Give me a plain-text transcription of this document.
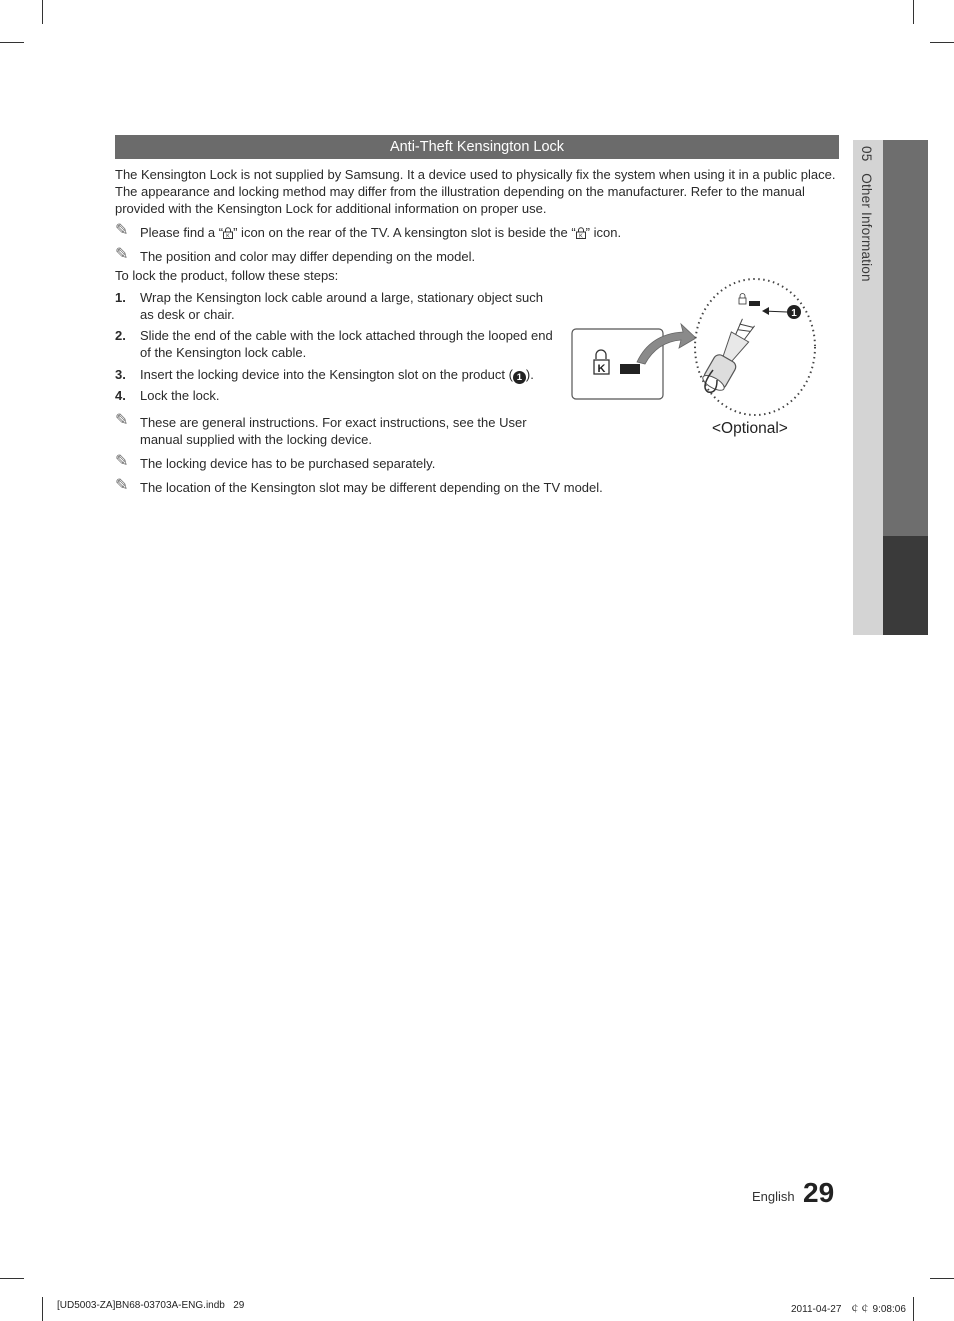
Anti-Theft Kensington Lock

The Kensington Lock is not supplied by Samsung. It a device used to physically fix the system when using it in a public place. The appearance and locking method may differ from the illustration depending on the manufacturer. Refer to the manual provided with the Kensington Lock for additional information on proper use.

✎ Please find a “ K ” icon on the rear of the TV. A kensington slot is beside the “ K ” icon.
✎ The position and color may differ depending on the model.
To lock the product, follow these steps:
1. Wrap the Kensington lock cable around a large, stationary object such as desk or chair.
2. Slide the end of the cable with the lock attached through the looped end of the Kensington lock cable.
3. Insert the locking device into the Kensington slot on the product ( 1 ).
4. Lock the lock.
✎ These are general instructions. For exact instructions, see the User manual supplied with the locking device.
✎ The locking device has to be purchased separately.
✎ The location of the Kensington slot may be different depending on the TV model.
K
1
<Optional>
05   Other Information
English 29
[UD5003-ZA]BN68-03703A-ENG.indb   29	2011-04-27   ￠￠ 9:08:06
